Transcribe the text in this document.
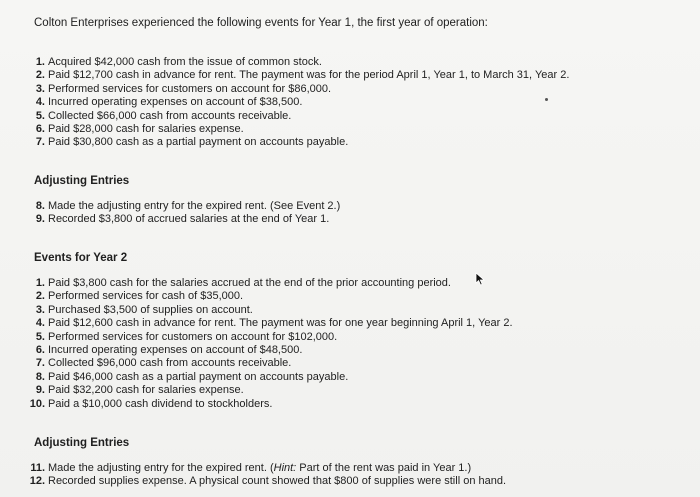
Colton Enterprises experienced the following events for Year 1, the first year of operation:
1. Acquired $42,000 cash from the issue of common stock.
2. Paid $12,700 cash in advance for rent. The payment was for the period April 1, Year 1, to March 31, Year 2.
3. Performed services for customers on account for $86,000.
4. Incurred operating expenses on account of $38,500.
5. Collected $66,000 cash from accounts receivable.
6. Paid $28,000 cash for salaries expense.
7. Paid $30,800 cash as a partial payment on accounts payable.
Adjusting Entries
8. Made the adjusting entry for the expired rent. (See Event 2.)
9. Recorded $3,800 of accrued salaries at the end of Year 1.
Events for Year 2
1. Paid $3,800 cash for the salaries accrued at the end of the prior accounting period.
2. Performed services for cash of $35,000.
3. Purchased $3,500 of supplies on account.
4. Paid $12,600 cash in advance for rent. The payment was for one year beginning April 1, Year 2.
5. Performed services for customers on account for $102,000.
6. Incurred operating expenses on account of $48,500.
7. Collected $96,000 cash from accounts receivable.
8. Paid $46,000 cash as a partial payment on accounts payable.
9. Paid $32,200 cash for salaries expense.
10. Paid a $10,000 cash dividend to stockholders.
Adjusting Entries
11. Made the adjusting entry for the expired rent. (Hint: Part of the rent was paid in Year 1.)
12. Recorded supplies expense. A physical count showed that $800 of supplies were still on hand.
